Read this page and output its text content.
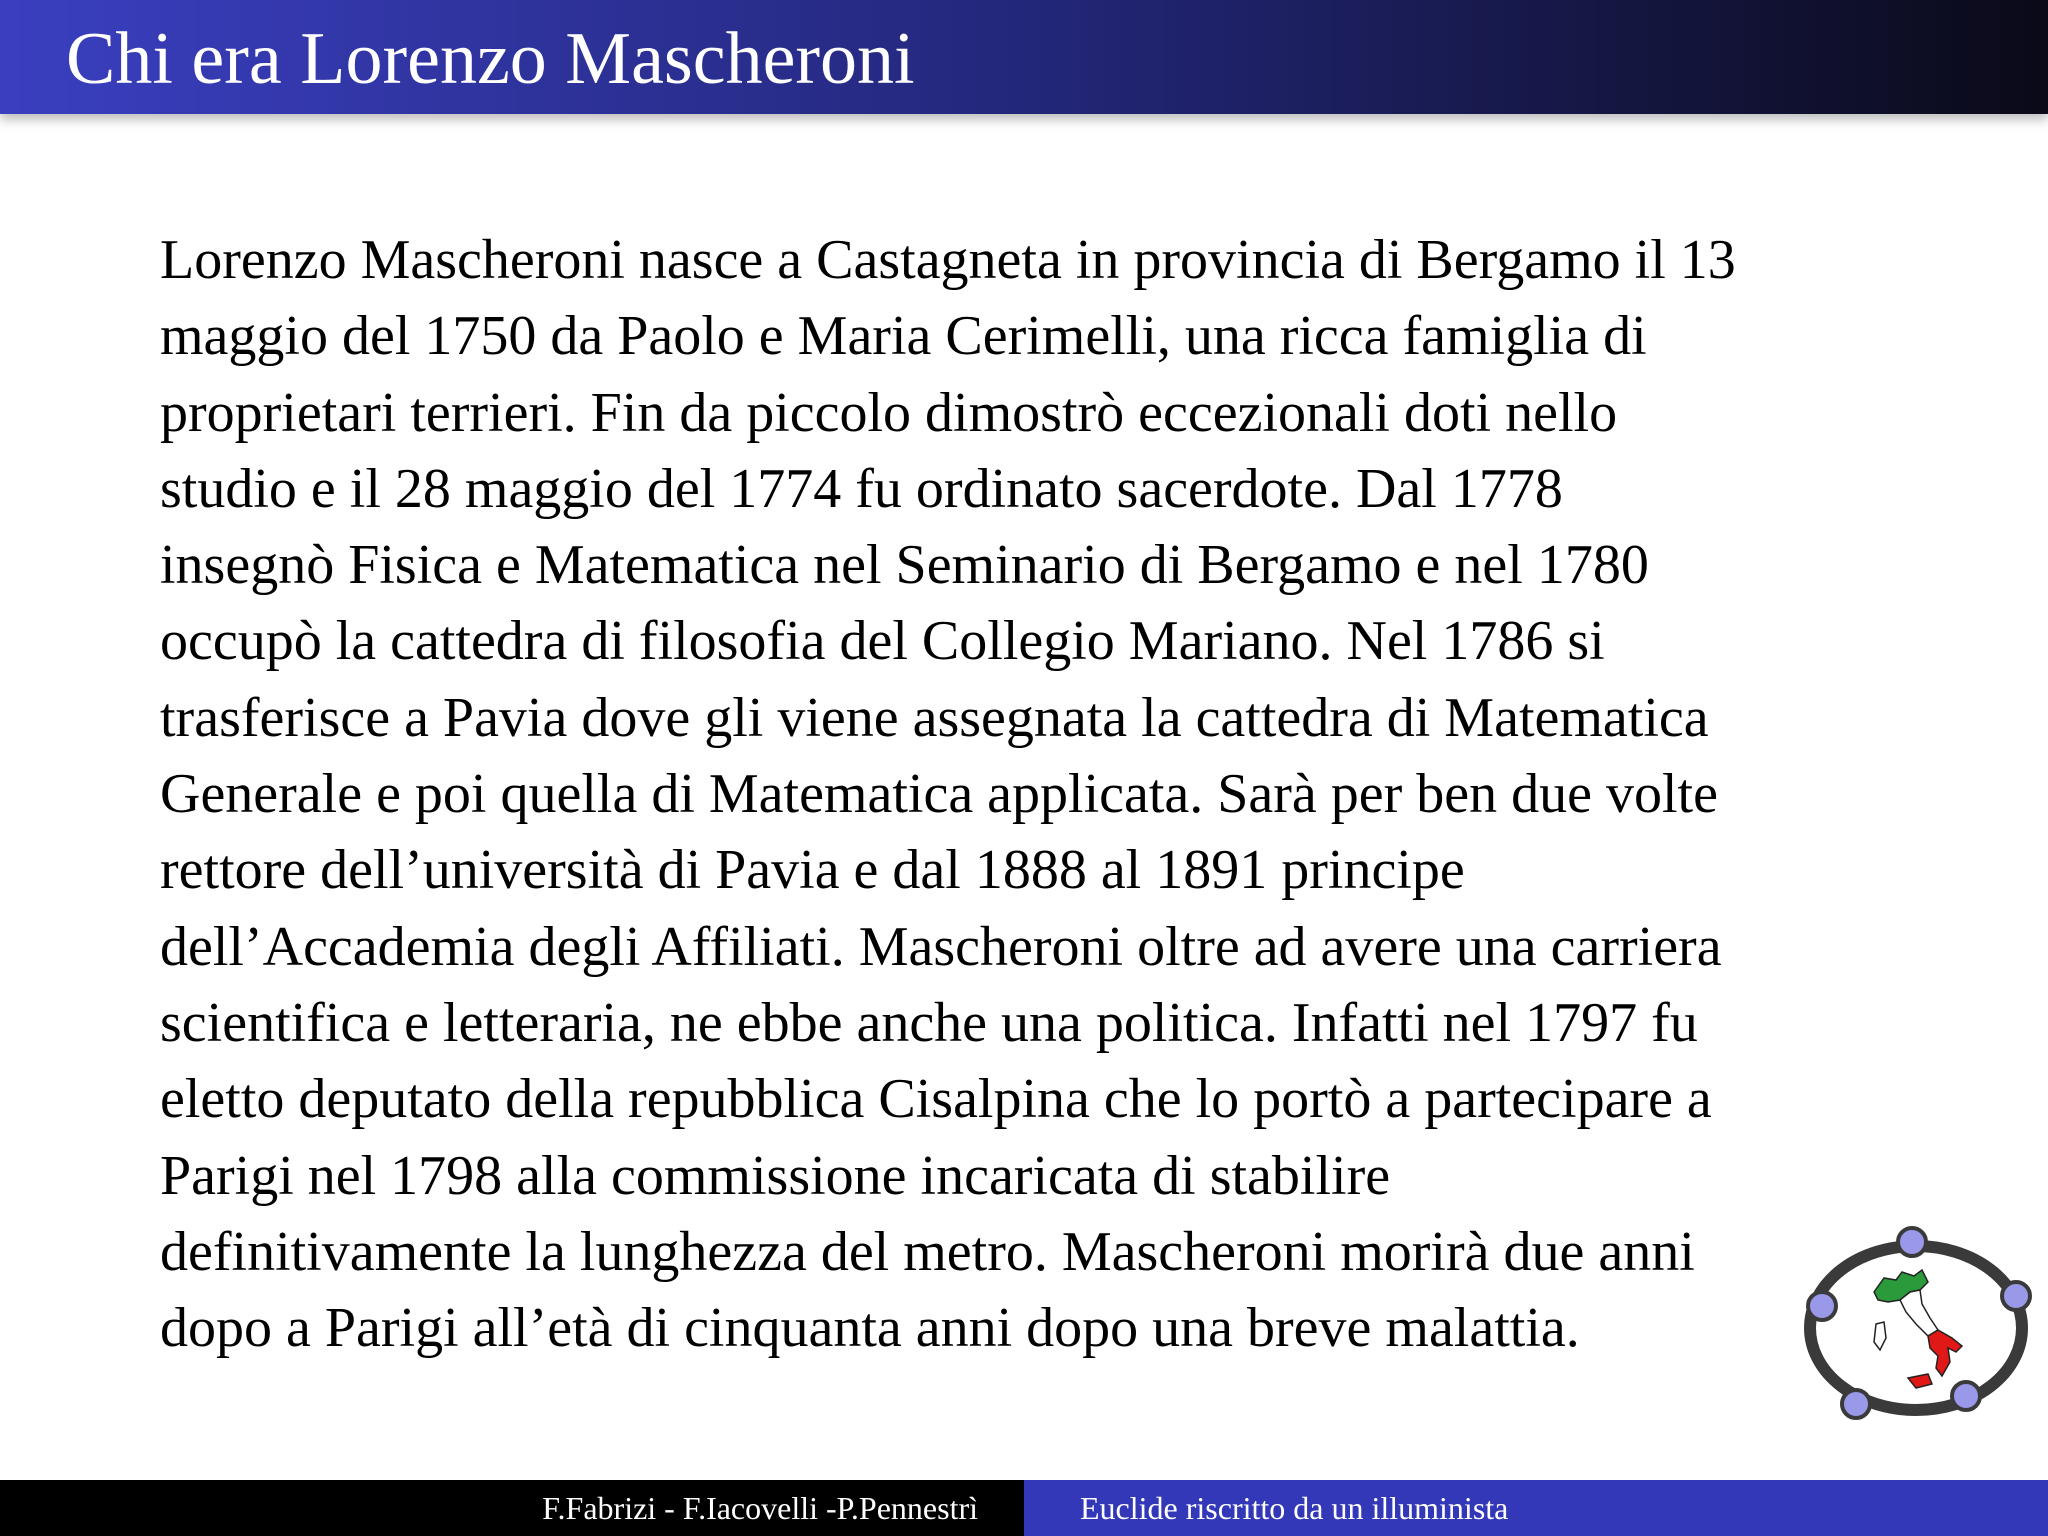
Chi era Lorenzo Mascheroni
Lorenzo Mascheroni nasce a Castagneta in provincia di Bergamo il 13
maggio del 1750 da Paolo e Maria Cerimelli, una ricca famiglia di
proprietari terrieri. Fin da piccolo dimostrò eccezionali doti nello
studio e il 28 maggio del 1774 fu ordinato sacerdote. Dal 1778
insegnò Fisica e Matematica nel Seminario di Bergamo e nel 1780
occupò la cattedra di filosofia del Collegio Mariano. Nel 1786 si
trasferisce a Pavia dove gli viene assegnata la cattedra di Matematica
Generale e poi quella di Matematica applicata. Sarà per ben due volte
rettore dell’università di Pavia e dal 1888 al 1891 principe
dell’Accademia degli Affiliati. Mascheroni oltre ad avere una carriera
scientifica e letteraria, ne ebbe anche una politica. Infatti nel 1797 fu
eletto deputato della repubblica Cisalpina che lo portò a partecipare a
Parigi nel 1798 alla commissione incaricata di stabilire
definitivamente la lunghezza del metro. Mascheroni morirà due anni
dopo a Parigi all’età di cinquanta anni dopo una breve malattia.
F.Fabrizi - F.Iacovelli -P.Pennestrì	Euclide riscritto da un illuminista
